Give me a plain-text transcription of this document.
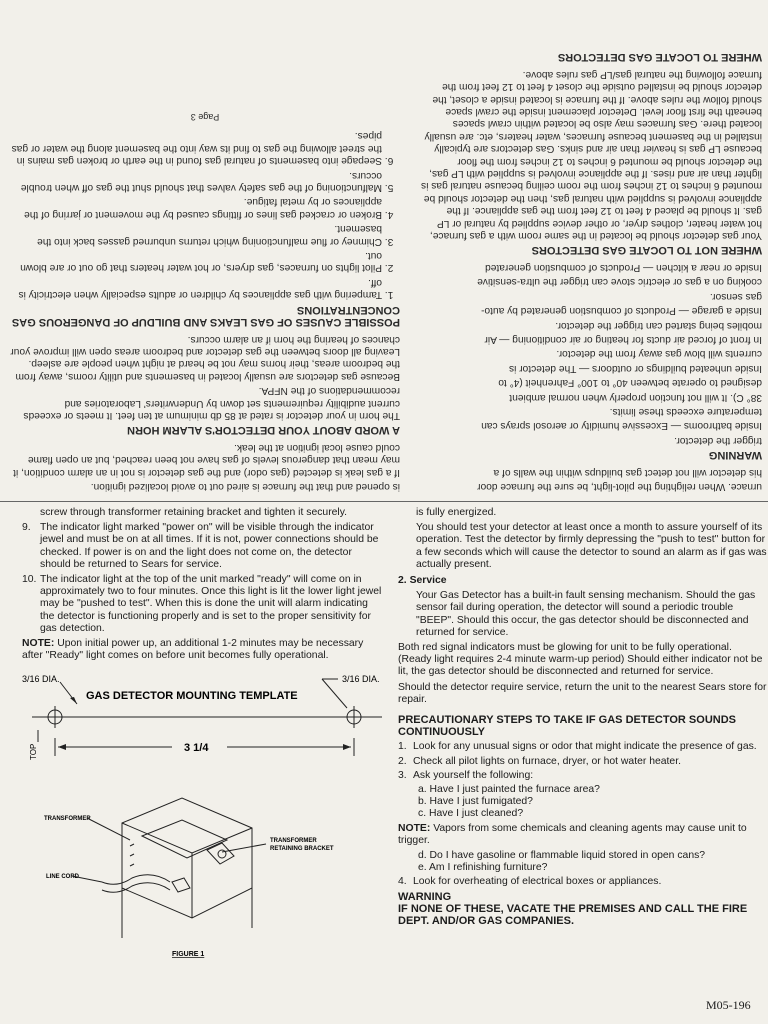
is opened and that the furnace is aired out to avoid localized ignition.

If a gas leak is detected (gas odor) and the gas detector is not in an alarm condition, it may mean that dangerous levels of gas have not been reached, but an open flame could cause local ignition at the leak.

A WORD ABOUT YOUR DETECTOR'S ALARM HORN

The horn in your detector is rated at 85 db minimum at ten feet. It meets or exceeds current audibility requirements set down by Underwriters' Laboratories and recommendations of the NFPA.

Because gas detectors are usually located in basements and utility rooms, away from the bedroom areas, their horns may not be heard at night when people are asleep. Leaving all doors between the gas detector and bedroom areas open will improve your chances of hearing the horn if an alarm occurs.

POSSIBLE CAUSES OF GAS LEAKS AND BUILDUP OF DANGEROUS GAS CONCENTRATIONS
1. Tampering with gas appliances by children or adults especially when electricity is off.
2. Pilot lights on furnaces, gas dryers, or hot water heaters that go out or are blown out.
3. Chimney or flue malfunctioning which returns unburned gasses back into the basement.
4. Broken or cracked gas lines or fittings caused by the movement or jarring of the appliances or by metal fatigue.
5. Malfunctioning of the gas safety valves that should shut the gas off when trouble occurs.
6. Seepage into basements of natural gas found in the earth or broken gas mains in the street allowing the gas to find its way into the basement along the water or gas pipes.
Page 3

urnace. When relighting the pilot-light, be sure the furnace door

his detector will not detect gas buildups within the walls of a

WARNING

trigger the detector.

Inside bathrooms — Excessive humidity or aerosol sprays can

temperature exceeds these limits.

38° C). It will not function properly when normal ambient

designed to operate between 40° to 100° Fahrenheit (4° to

Inside unheated buildings or outdoors — The detector is

currents will blow gas away from the detector.

In front of forced air ducts for heating or air conditioning — Air

mobiles being started can trigger the detector.

Inside a garage — Products of combustion generated by auto-

gas sensor.

cooking on a gas or electric stove can trigger the ultra-sensitive

Inside or near a kitchen — Products of combustion generated

WHERE NOT TO LOCATE GAS DETECTORS

Your gas detector should be located in the same room with a gas furnace, hot water heater, clothes dryer, or other device supplied by natural or LP gas. It should be placed 4 feet to 12 feet from the gas appliance. If the appliance involved is supplied with natural gas, then the detector should be mounted 6 inches to 12 inches from the room ceiling because natural gas is lighter than air and rises. If the appliance involved is supplied with LP gas, the detector should be mounted 6 inches to 12 inches from the floor because LP gas is heavier than air and sinks. Gas detectors are typically installed in the basement because furnaces, water heaters, etc. are usually located there. Gas furnaces may also be located within crawl spaces beneath the first floor level. Detector placement inside the crawl space should follow the rules above. If the furnace is located inside a closet, the detector should be installed outside the closet 4 feet to 12 feet from the furnace following the natural gas/LP gas rules above.

WHERE TO LOCATE GAS DETECTORS

screw through transformer retaining bracket and tighten it securely.

9. The indicator light marked "power on" will be visible through the indicator jewel and must be on at all times. If it is not, power connections should be checked. If power is on and the light does not come on, the detector should be returned to Sears for service.
10. The indicator light at the top of the unit marked "ready" will come on in approximately two to four minutes. Once this light is lit the lower light jewel may be "pushed to test". When this is done the unit will alarm indicating the detector is functioning properly and is set to the proper sensitivity for gas detection.

NOTE: Upon initial power up, an additional 1-2 minutes may be necessary after "Ready" light comes on before unit becomes fully operational.

3/16 DIA.	3/16 DIA.
GAS DETECTOR MOUNTING TEMPLATE
TOP	3 1/4
TRANSFORMER
LINE CORD
TRANSFORMER
RETAINING BRACKET
FIGURE 1

is fully energized.

You should test your detector at least once a month to assure yourself of its operation. Test the detector by firmly depressing the "push to test" button for a few seconds which will cause the detector to sound an alarm as if gas was actually present.

2. Service

Your Gas Detector has a built-in fault sensing mechanism. Should the gas sensor fail during operation, the detector will sound a periodic trouble "BEEP". Should this occur, the gas detector should be disconnected and returned for service.

Both red signal indicators must be glowing for unit to be fully operational. (Ready light requires 2-4 minute warm-up period) Should either indicator not be lit, the gas detector should be disconnected and returned for service.

Should the detector require service, return the unit to the nearest Sears store for repair.

PRECAUTIONARY STEPS TO TAKE IF GAS DETECTOR SOUNDS CONTINUOUSLY
1. Look for any unusual signs or odor that might indicate the presence of gas.
2. Check all pilot lights on furnace, dryer, or hot water heater.
3. Ask yourself the following:

a. Have I just painted the furnace area?

b. Have I just fumigated?

c. Have I just cleaned?

NOTE: Vapors from some chemicals and cleaning agents may cause unit to trigger.

d. Do I have gasoline or flammable liquid stored in open cans?

e. Am I refinishing furniture?

4. Look for overheating of electrical boxes or appliances.
WARNING
IF NONE OF THESE, VACATE THE PREMISES AND CALL THE FIRE DEPT. AND/OR GAS COMPANIES.
M05-196
